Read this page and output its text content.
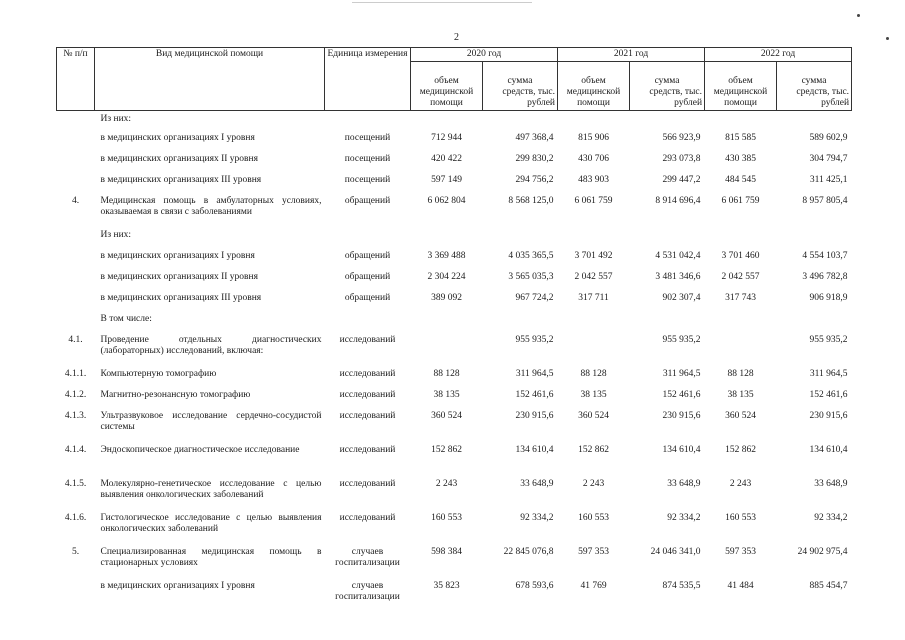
2
№ п/п	Вид медицинской помощи	Единица измерения	2020 год		2021 год		2022 год	
			объем медицинской помощи	сумма
средств, тыс.
рублей	объем медицинской помощи	сумма
средств, тыс.
рублей	объем медицинской помощи	сумма
средств, тыс.
рублей
	Из них:							
	в медицинских организациях I уровня	посещений	712 944	497 368,4	815 906	566 923,9	815 585	589 602,9
	в медицинских организациях II уровня	посещений	420 422	299 830,2	430 706	293 073,8	430 385	304 794,7
	в медицинских организациях III уровня	посещений	597 149	294 756,2	483 903	299 447,2	484 545	311 425,1
4.	Медицинская помощь в амбулаторных условиях, оказываемая в связи с заболеваниями	обращений	6 062 804	8 568 125,0	6 061 759	8 914 696,4	6 061 759	8 957 805,4
	Из них:							
	в медицинских организациях I уровня	обращений	3 369 488	4 035 365,5	3 701 492	4 531 042,4	3 701 460	4 554 103,7
	в медицинских организациях II уровня	обращений	2 304 224	3 565 035,3	2 042 557	3 481 346,6	2 042 557	3 496 782,8
	в медицинских организациях III уровня	обращений	389 092	967 724,2	317 711	902 307,4	317 743	906 918,9
	В том числе:							
4.1.	Проведение отдельных диагностических (лабораторных) исследований, включая:	исследований		955 935,2		955 935,2		955 935,2
4.1.1.	Компьютерную томографию	исследований	88 128	311 964,5	88 128	311 964,5	88 128	311 964,5
4.1.2.	Магнитно-резонансную томографию	исследований	38 135	152 461,6	38 135	152 461,6	38 135	152 461,6
4.1.3.	Ультразвуковое исследование сердечно-сосудистой системы	исследований	360 524	230 915,6	360 524	230 915,6	360 524	230 915,6
4.1.4.	Эндоскопическое диагностическое исследование	исследований	152 862	134 610,4	152 862	134 610,4	152 862	134 610,4
4.1.5.	Молекулярно-генетическое исследование с целью выявления онкологических заболеваний	исследований	2 243	33 648,9	2 243	33 648,9	2 243	33 648,9
4.1.6.	Гистологическое исследование с целью выявления онкологических заболеваний	исследований	160 553	92 334,2	160 553	92 334,2	160 553	92 334,2
5.	Специализированная медицинская помощь в стационарных условиях	случаев госпитализации	598 384	22 845 076,8	597 353	24 046 341,0	597 353	24 902 975,4
	в медицинских организациях I уровня	случаев госпитализации	35 823	678 593,6	41 769	874 535,5	41 484	885 454,7
